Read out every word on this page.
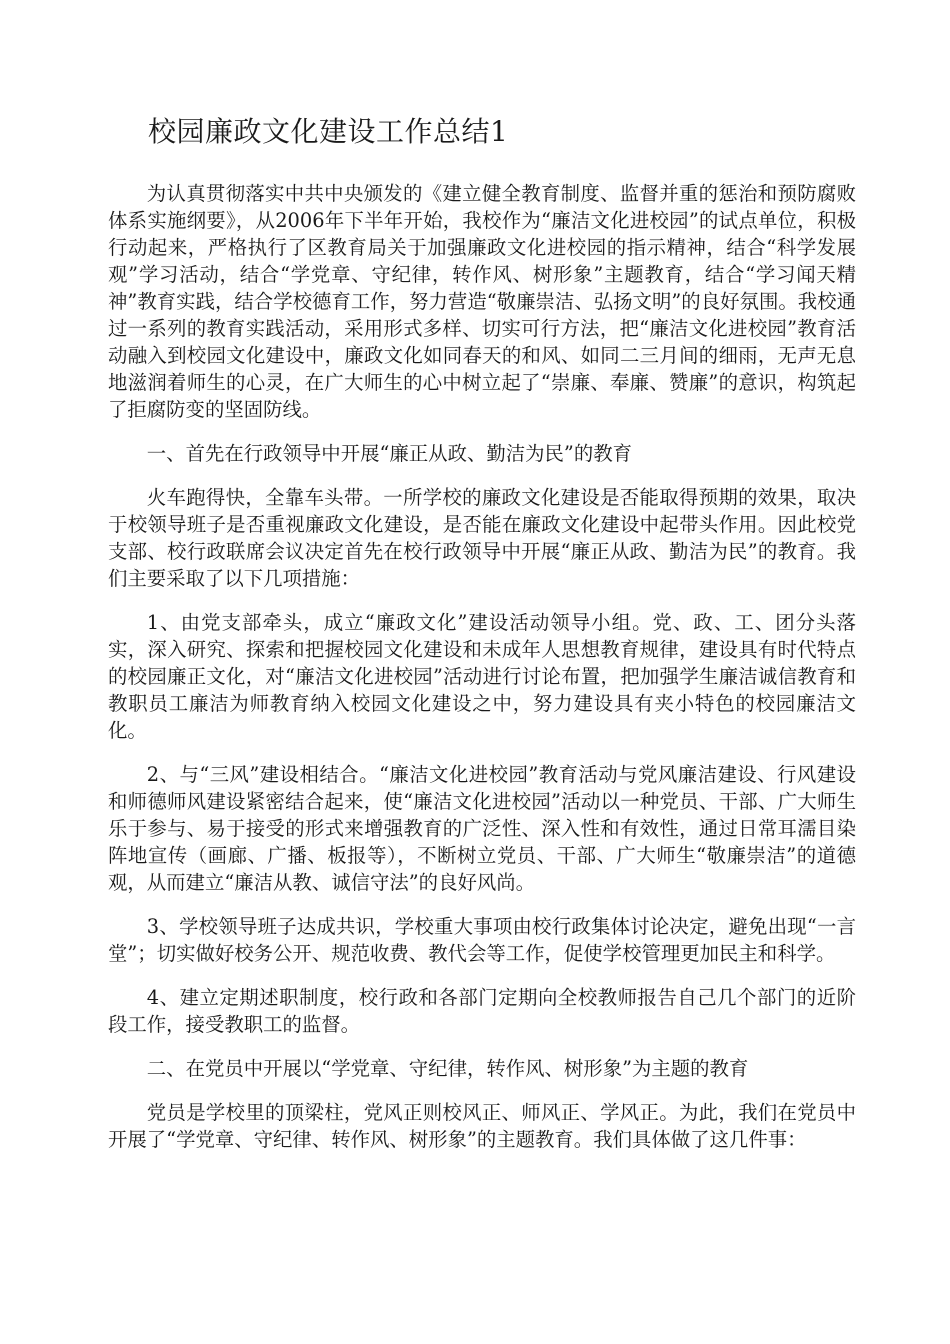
校园廉政文化建设工作总结1

为认真贯彻落实中共中央颁发的《建立健全教育制度、监督并重的惩治和预防腐败体系实施纲要》，从2006年下半年开始，我校作为“廉洁文化进校园”的试点单位，积极行动起来，严格执行了区教育局关于加强廉政文化进校园的指示精神，结合“科学发展观”学习活动，结合“学党章、守纪律，转作风、树形象”主题教育，结合“学习闻天精神”教育实践，结合学校德育工作，努力营造“敬廉崇洁、弘扬文明”的良好氛围。我校通过一系列的教育实践活动，采用形式多样、切实可行方法，把“廉洁文化进校园”教育活动融入到校园文化建设中，廉政文化如同春天的和风、如同二三月间的细雨，无声无息地滋润着师生的心灵，在广大师生的心中树立起了“崇廉、奉廉、赞廉”的意识，构筑起了拒腐防变的坚固防线。

一、首先在行政领导中开展“廉正从政、勤洁为民”的教育

火车跑得快，全靠车头带。一所学校的廉政文化建设是否能取得预期的效果，取决于校领导班子是否重视廉政文化建设，是否能在廉政文化建设中起带头作用。因此校党支部、校行政联席会议决定首先在校行政领导中开展“廉正从政、勤洁为民”的教育。我们主要采取了以下几项措施：

1、由党支部牵头，成立“廉政文化”建设活动领导小组。党、政、工、团分头落实，深入研究、探索和把握校园文化建设和未成年人思想教育规律，建设具有时代特点的校园廉正文化，对“廉洁文化进校园”活动进行讨论布置，把加强学生廉洁诚信教育和教职员工廉洁为师教育纳入校园文化建设之中，努力建设具有夹小特色的校园廉洁文化。

2、与“三风”建设相结合。“廉洁文化进校园”教育活动与党风廉洁建设、行风建设和师德师风建设紧密结合起来，使“廉洁文化进校园”活动以一种党员、干部、广大师生乐于参与、易于接受的形式来增强教育的广泛性、深入性和有效性，通过日常耳濡目染阵地宣传（画廊、广播、板报等），不断树立党员、干部、广大师生“敬廉崇洁”的道德观，从而建立“廉洁从教、诚信守法”的良好风尚。

3、学校领导班子达成共识，学校重大事项由校行政集体讨论决定，避免出现“一言堂”；切实做好校务公开、规范收费、教代会等工作，促使学校管理更加民主和科学。

4、建立定期述职制度，校行政和各部门定期向全校教师报告自己几个部门的近阶段工作，接受教职工的监督。

二、在党员中开展以“学党章、守纪律，转作风、树形象”为主题的教育

党员是学校里的顶梁柱，党风正则校风正、师风正、学风正。为此，我们在党员中开展了“学党章、守纪律、转作风、树形象”的主题教育。我们具体做了这几件事：
